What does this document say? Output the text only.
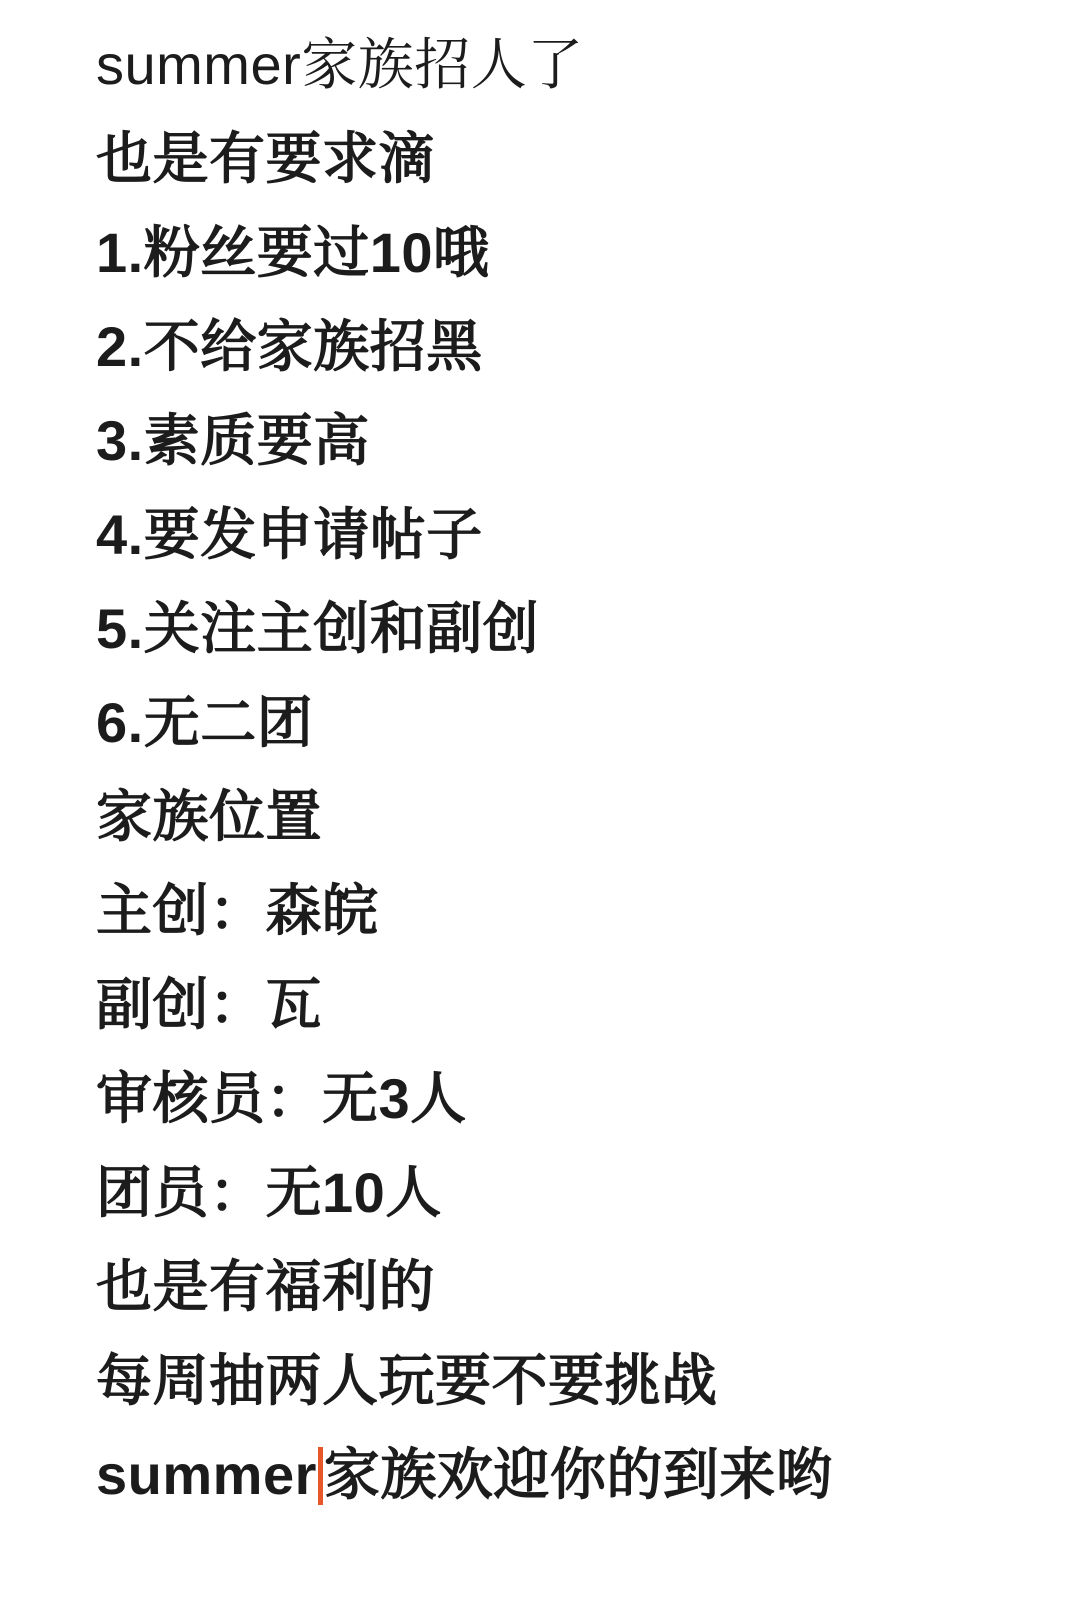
summer家族招人了
也是有要求滴
1.粉丝要过10哦
2.不给家族招黑
3.素质要高
4.要发申请帖子
5.关注主创和副创
6.无二团
家族位置
主创：森皖
副创：瓦
审核员：无3人
团员：无10人
也是有福利的
每周抽两人玩要不要挑战
summer 家族欢迎你的到来哟
